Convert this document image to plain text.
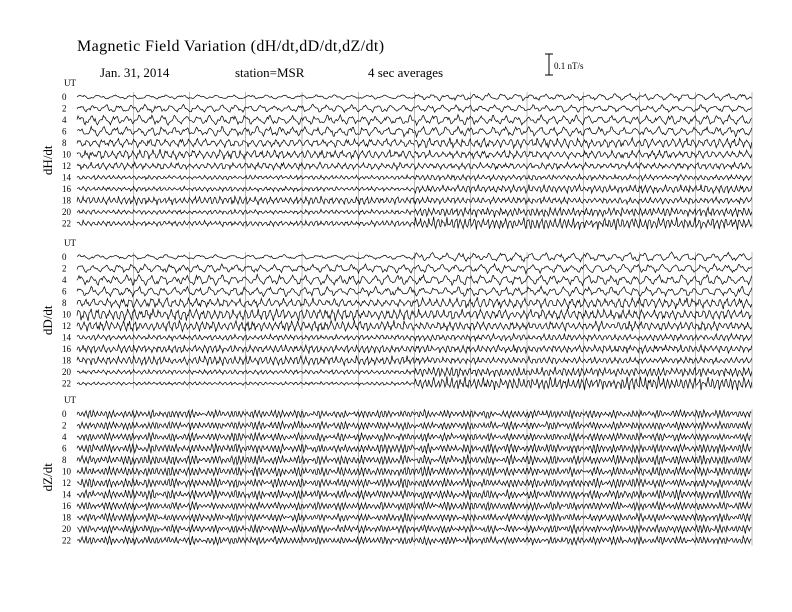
Magnetic Field Variation (dH/dt,dD/dt,dZ/dt)
Jan. 31, 2014	station=MSR	4 sec averages	0.1 nT/s
UT
dH/dt
0
2
4
6
8
10
12
14
16
18
20
22
UT
dD/dt
0
2
4
6
8
10
12
14
16
18
20
22
UT
dZ/dt
0
2
4
6
8
10
12
14
16
18
20
22
